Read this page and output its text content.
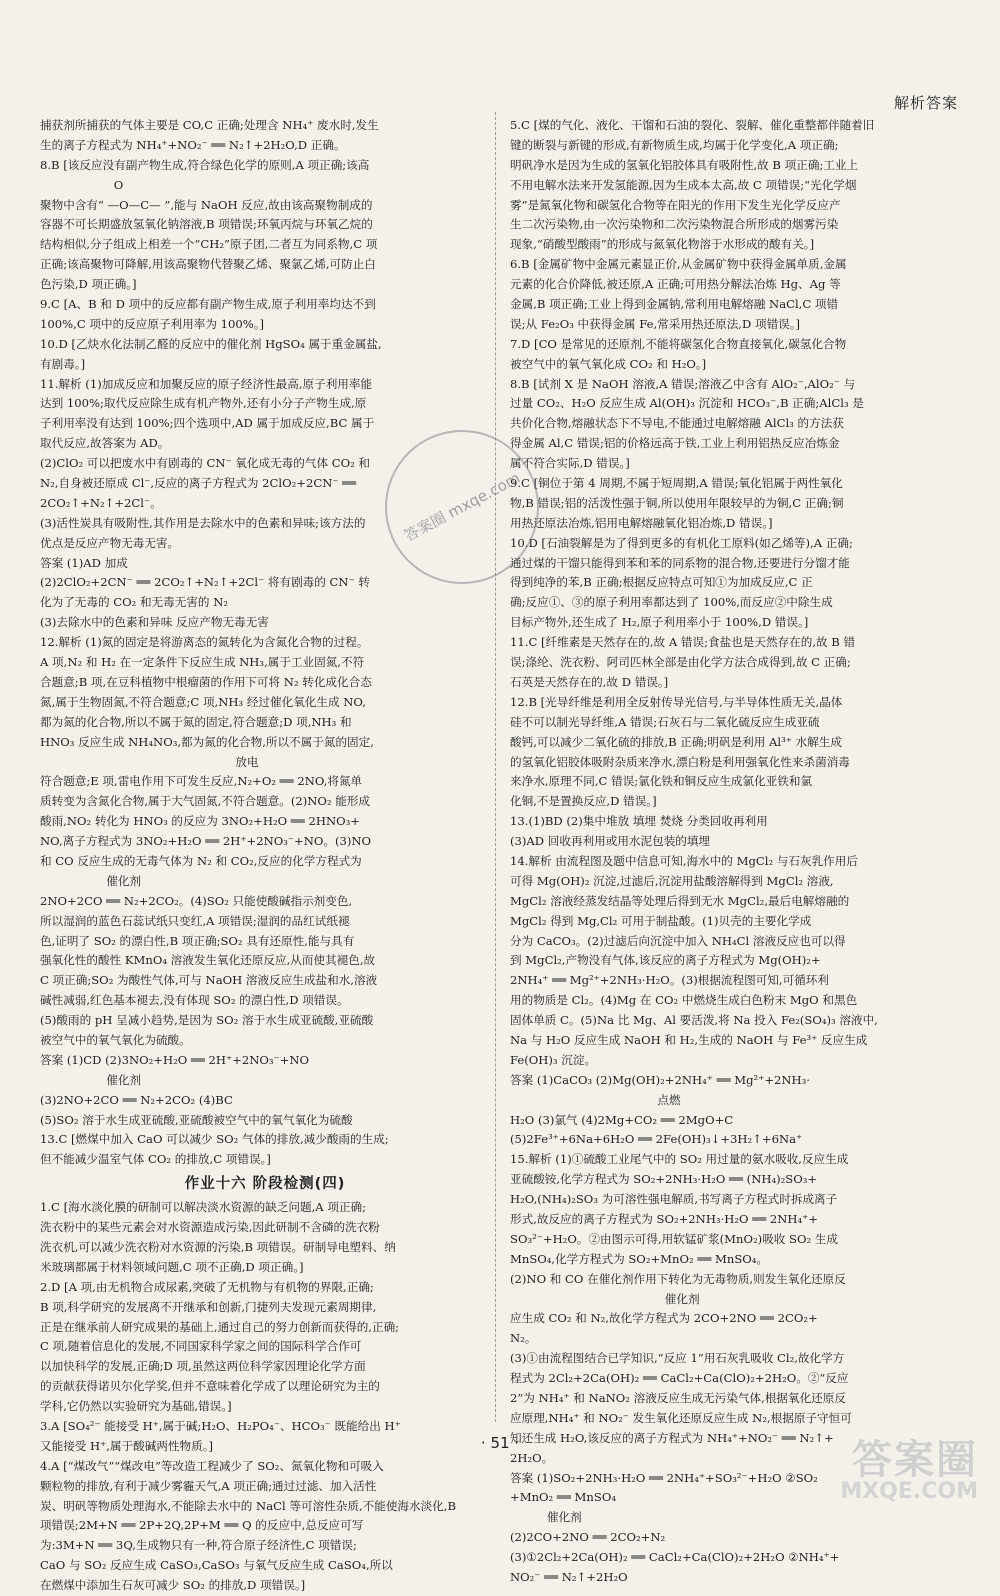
解析答案
捕获剂所捕获的气体主要是 CO,C 正确;处理含 NH₄⁺ 废水时,发生
生的离子方程式为 NH₄⁺+NO₂⁻ ══ N₂↑+2H₂O,D 正确。
8.B [该反应没有副产物生成,符合绿色化学的原则,A 项正确;该高
O
聚物中含有“ —O—C— ”,能与 NaOH 反应,故由该高聚物制成的
容器不可长期盛放氢氧化钠溶液,B 项错误;环氧丙烷与环氧乙烷的
结构相似,分子组成上相差一个“CH₂”原子团,二者互为同系物,C 项
正确;该高聚物可降解,用该高聚物代替聚乙烯、聚氯乙烯,可防止白
色污染,D 项正确。]
9.C [A、B 和 D 项中的反应都有副产物生成,原子利用率均达不到
100%,C 项中的反应原子利用率为 100%。]
10.D [乙炔水化法制乙醛的反应中的催化剂 HgSO₄ 属于重金属盐,
有剧毒。]
11.解析 (1)加成反应和加聚反应的原子经济性最高,原子利用率能
达到 100%;取代反应除生成有机产物外,还有小分子产物生成,原
子利用率没有达到 100%;四个选项中,AD 属于加成反应,BC 属于
取代反应,故答案为 AD。
(2)ClO₂ 可以把废水中有剧毒的 CN⁻ 氧化成无毒的气体 CO₂ 和
N₂,自身被还原成 Cl⁻,反应的离子方程式为 2ClO₂+2CN⁻ ══
2CO₂↑+N₂↑+2Cl⁻。
(3)活性炭具有吸附性,其作用是去除水中的色素和异味;该方法的
优点是反应产物无毒无害。
答案 (1)AD 加成
(2)2ClO₂+2CN⁻ ══ 2CO₂↑+N₂↑+2Cl⁻ 将有剧毒的 CN⁻ 转
化为了无毒的 CO₂ 和无毒无害的 N₂
(3)去除水中的色素和异味 反应产物无毒无害
12.解析 (1)氮的固定是将游离态的氮转化为含氮化合物的过程。
A 项,N₂ 和 H₂ 在一定条件下反应生成 NH₃,属于工业固氮,不符
合题意;B 项,在豆科植物中根瘤菌的作用下可将 N₂ 转化成化合态
氮,属于生物固氮,不符合题意;C 项,NH₃ 经过催化氧化生成 NO,
都为氮的化合物,所以不属于氮的固定,符合题意;D 项,NH₃ 和
HNO₃ 反应生成 NH₄NO₃,都为氮的化合物,所以不属于氮的固定,
放电
符合题意;E 项,雷电作用下可发生反应,N₂+O₂ ══ 2NO,将氮单
质转变为含氮化合物,属于大气固氮,不符合题意。(2)NO₂ 能形成
酸雨,NO₂ 转化为 HNO₃ 的反应为 3NO₂+H₂O ══ 2HNO₃+
NO,离子方程式为 3NO₂+H₂O ══ 2H⁺+2NO₃⁻+NO。(3)NO
和 CO 反应生成的无毒气体为 N₂ 和 CO₂,反应的化学方程式为
催化剂
2NO+2CO ══ N₂+2CO₂。(4)SO₂ 只能使酸碱指示剂变色,
所以湿润的蓝色石蕊试纸只变红,A 项错误;湿润的品红试纸褪
色,证明了 SO₂ 的漂白性,B 项正确;SO₂ 具有还原性,能与具有
强氧化性的酸性 KMnO₄ 溶液发生氧化还原反应,从而使其褪色,故
C 项正确;SO₂ 为酸性气体,可与 NaOH 溶液反应生成盐和水,溶液
碱性减弱,红色基本褪去,没有体现 SO₂ 的漂白性,D 项错误。
(5)酸雨的 pH 呈减小趋势,是因为 SO₂ 溶于水生成亚硫酸,亚硫酸
被空气中的氧气氧化为硫酸。
答案 (1)CD (2)3NO₂+H₂O ══ 2H⁺+2NO₃⁻+NO
催化剂
(3)2NO+2CO ══ N₂+2CO₂ (4)BC
(5)SO₂ 溶于水生成亚硫酸,亚硫酸被空气中的氧气氧化为硫酸
13.C [燃煤中加入 CaO 可以减少 SO₂ 气体的排放,减少酸雨的生成;
但不能减少温室气体 CO₂ 的排放,C 项错误。]
作业十六 阶段检测(四)
1.C [海水淡化膜的研制可以解决淡水资源的缺乏问题,A 项正确;
洗衣粉中的某些元素会对水资源造成污染,因此研制不含磷的洗衣粉
洗衣机,可以减少洗衣粉对水资源的污染,B 项错误。研制导电塑料、纳
米玻璃都属于材料领域问题,C 项不正确,D 项正确。]
2.D [A 项,由无机物合成尿素,突破了无机物与有机物的界限,正确;
B 项,科学研究的发展离不开继承和创新,门捷列夫发现元素周期律,
正是在继承前人研究成果的基础上,通过自己的努力创新而获得的,正确;
C 项,随着信息化的发展,不同国家科学家之间的国际科学合作可
以加快科学的发展,正确;D 项,虽然这两位科学家因理论化学方面
的贡献获得诺贝尔化学奖,但并不意味着化学成了以理论研究为主的
学科,它仍然以实验研究为基础,错误。]
3.A [SO₄²⁻ 能接受 H⁺,属于碱;H₂O、H₂PO₄⁻、HCO₃⁻ 既能给出 H⁺
又能接受 H⁺,属于酸碱两性物质。]
4.A [“煤改气”“煤改电”等改造工程减少了 SO₂、氮氧化物和可吸入
颗粒物的排放,有利于减少雾霾天气,A 项正确;通过过滤、加入活性
炭、明矾等物质处理海水,不能除去水中的 NaCl 等可溶性杂质,不能使海水淡化,B
项错误;2M+N ══ 2P+2Q,2P+M ══ Q 的反应中,总反应可写
为:3M+N ══ 3Q,生成物只有一种,符合原子经济性,C 项错误;
CaO 与 SO₂ 反应生成 CaSO₃,CaSO₃ 与氧气反应生成 CaSO₄,所以
在燃煤中添加生石灰可减少 SO₂ 的排放,D 项错误。]
5.C [煤的气化、液化、干馏和石油的裂化、裂解、催化重整都伴随着旧
键的断裂与新键的形成,有新物质生成,均属于化学变化,A 项正确;
明矾净水是因为生成的氢氧化铝胶体具有吸附性,故 B 项正确;工业上
不用电解水法来开发氢能源,因为生成本太高,故 C 项错误;“光化学烟
雾”是氮氧化物和碳氢化合物等在阳光的作用下发生光化学反应产
生二次污染物,由一次污染物和二次污染物混合所形成的烟雾污染
现象,“硝酸型酸雨”的形成与氮氧化物溶于水形成的酸有关。]
6.B [金属矿物中金属元素显正价,从金属矿物中获得金属单质,金属
元素的化合价降低,被还原,A 正确;可用热分解法冶炼 Hg、Ag 等
金属,B 项正确;工业上得到金属钠,常利用电解熔融 NaCl,C 项错
误;从 Fe₂O₃ 中获得金属 Fe,常采用热还原法,D 项错误。]
7.D [CO 是常见的还原剂,不能将碳氢化合物直接氧化,碳氢化合物
被空气中的氧气氧化成 CO₂ 和 H₂O。]
8.B [试剂 X 是 NaOH 溶液,A 错误;溶液乙中含有 AlO₂⁻,AlO₂⁻ 与
过量 CO₂、H₂O 反应生成 Al(OH)₃ 沉淀和 HCO₃⁻,B 正确;AlCl₃ 是
共价化合物,熔融状态下不导电,不能通过电解熔融 AlCl₃ 的方法获
得金属 Al,C 错误;铝的价格远高于铁,工业上利用铝热反应冶炼金
属不符合实际,D 错误。]
9.C [铜位于第 4 周期,不属于短周期,A 错误;氧化铝属于两性氧化
物,B 错误;铝的活泼性强于铜,所以使用年限较早的为铜,C 正确;铜
用热还原法冶炼,铝用电解熔融氧化铝冶炼,D 错误。]
10.D [石油裂解是为了得到更多的有机化工原料(如乙烯等),A 正确;
通过煤的干馏只能得到苯和苯的同系物的混合物,还要进行分馏才能
得到纯净的苯,B 正确;根据反应特点可知①为加成反应,C 正
确;反应①、③的原子利用率都达到了 100%,而反应②中除生成
目标产物外,还生成了 H₂,原子利用率小于 100%,D 错误。]
11.C [纤维素是天然存在的,故 A 错误;食盐也是天然存在的,故 B 错
误;涤纶、洗衣粉、阿司匹林全部是由化学方法合成得到,故 C 正确;
石英是天然存在的,故 D 错误。]
12.B [光导纤维是利用全反射传导光信号,与半导体性质无关,晶体
硅不可以制光导纤维,A 错误;石灰石与二氧化硫反应生成亚硫
酸钙,可以减少二氧化硫的排放,B 正确;明矾是利用 Al³⁺ 水解生成
的氢氧化铝胶体吸附杂质来净水,漂白粉是利用强氧化性来杀菌消毒
来净水,原理不同,C 错误;氯化铁和铜反应生成氯化亚铁和氯
化铜,不是置换反应,D 错误。]
13.(1)BD (2)集中堆放 填埋 焚烧 分类回收再利用
(3)AD 回收再利用或用水泥包装的填埋
14.解析 由流程图及题中信息可知,海水中的 MgCl₂ 与石灰乳作用后
可得 Mg(OH)₂ 沉淀,过滤后,沉淀用盐酸溶解得到 MgCl₂ 溶液,
MgCl₂ 溶液经蒸发结晶等处理后得到无水 MgCl₂,最后电解熔融的
MgCl₂ 得到 Mg,Cl₂ 可用于制盐酸。(1)贝壳的主要化学成
分为 CaCO₃。(2)过滤后向沉淀中加入 NH₄Cl 溶液反应也可以得
到 MgCl₂,产物没有气体,该反应的离子方程式为 Mg(OH)₂+
2NH₄⁺ ══ Mg²⁺+2NH₃·H₂O。(3)根据流程图可知,可循环利
用的物质是 Cl₂。(4)Mg 在 CO₂ 中燃烧生成白色粉末 MgO 和黑色
固体单质 C。(5)Na 比 Mg、Al 要活泼,将 Na 投入 Fe₂(SO₄)₃ 溶液中,
Na 与 H₂O 反应生成 NaOH 和 H₂,生成的 NaOH 与 Fe³⁺ 反应生成
Fe(OH)₃ 沉淀。
答案 (1)CaCO₃ (2)Mg(OH)₂+2NH₄⁺ ══ Mg²⁺+2NH₃·
点燃
H₂O (3)氯气 (4)2Mg+CO₂ ══ 2MgO+C
(5)2Fe³⁺+6Na+6H₂O ══ 2Fe(OH)₃↓+3H₂↑+6Na⁺
15.解析 (1)①硫酸工业尾气中的 SO₂ 用过量的氨水吸收,反应生成
亚硫酸铵,化学方程式为 SO₂+2NH₃·H₂O ══ (NH₄)₂SO₃+
H₂O,(NH₄)₂SO₃ 为可溶性强电解质,书写离子方程式时拆成离子
形式,故反应的离子方程式为 SO₂+2NH₃·H₂O ══ 2NH₄⁺+
SO₃²⁻+H₂O。②由图示可得,用软锰矿浆(MnO₂)吸收 SO₂ 生成
MnSO₄,化学方程式为 SO₂+MnO₂ ══ MnSO₄。
(2)NO 和 CO 在催化剂作用下转化为无毒物质,则发生氧化还原反
催化剂
应生成 CO₂ 和 N₂,故化学方程式为 2CO+2NO ══ 2CO₂+
N₂。
(3)①由流程图结合已学知识,“反应 1”用石灰乳吸收 Cl₂,故化学方
程式为 2Cl₂+2Ca(OH)₂ ══ CaCl₂+Ca(ClO)₂+2H₂O。②“反应
2”为 NH₄⁺ 和 NaNO₂ 溶液反应生成无污染气体,根据氧化还原反
应原理,NH₄⁺ 和 NO₂⁻ 发生氧化还原反应生成 N₂,根据原子守恒可
知还生成 H₂O,该反应的离子方程式为 NH₄⁺+NO₂⁻ ══ N₂↑+
2H₂O。
答案 (1)SO₂+2NH₃·H₂O ══ 2NH₄⁺+SO₃²⁻+H₂O ②SO₂
+MnO₂ ══ MnSO₄
催化剂
(2)2CO+2NO ══ 2CO₂+N₂
(3)①2Cl₂+2Ca(OH)₂ ══ CaCl₂+Ca(ClO)₂+2H₂O ②NH₄⁺+
NO₂⁻ ══ N₂↑+2H₂O
答案圈 mxqe.com
· 51 ·	答案圈
MXQE.COM
